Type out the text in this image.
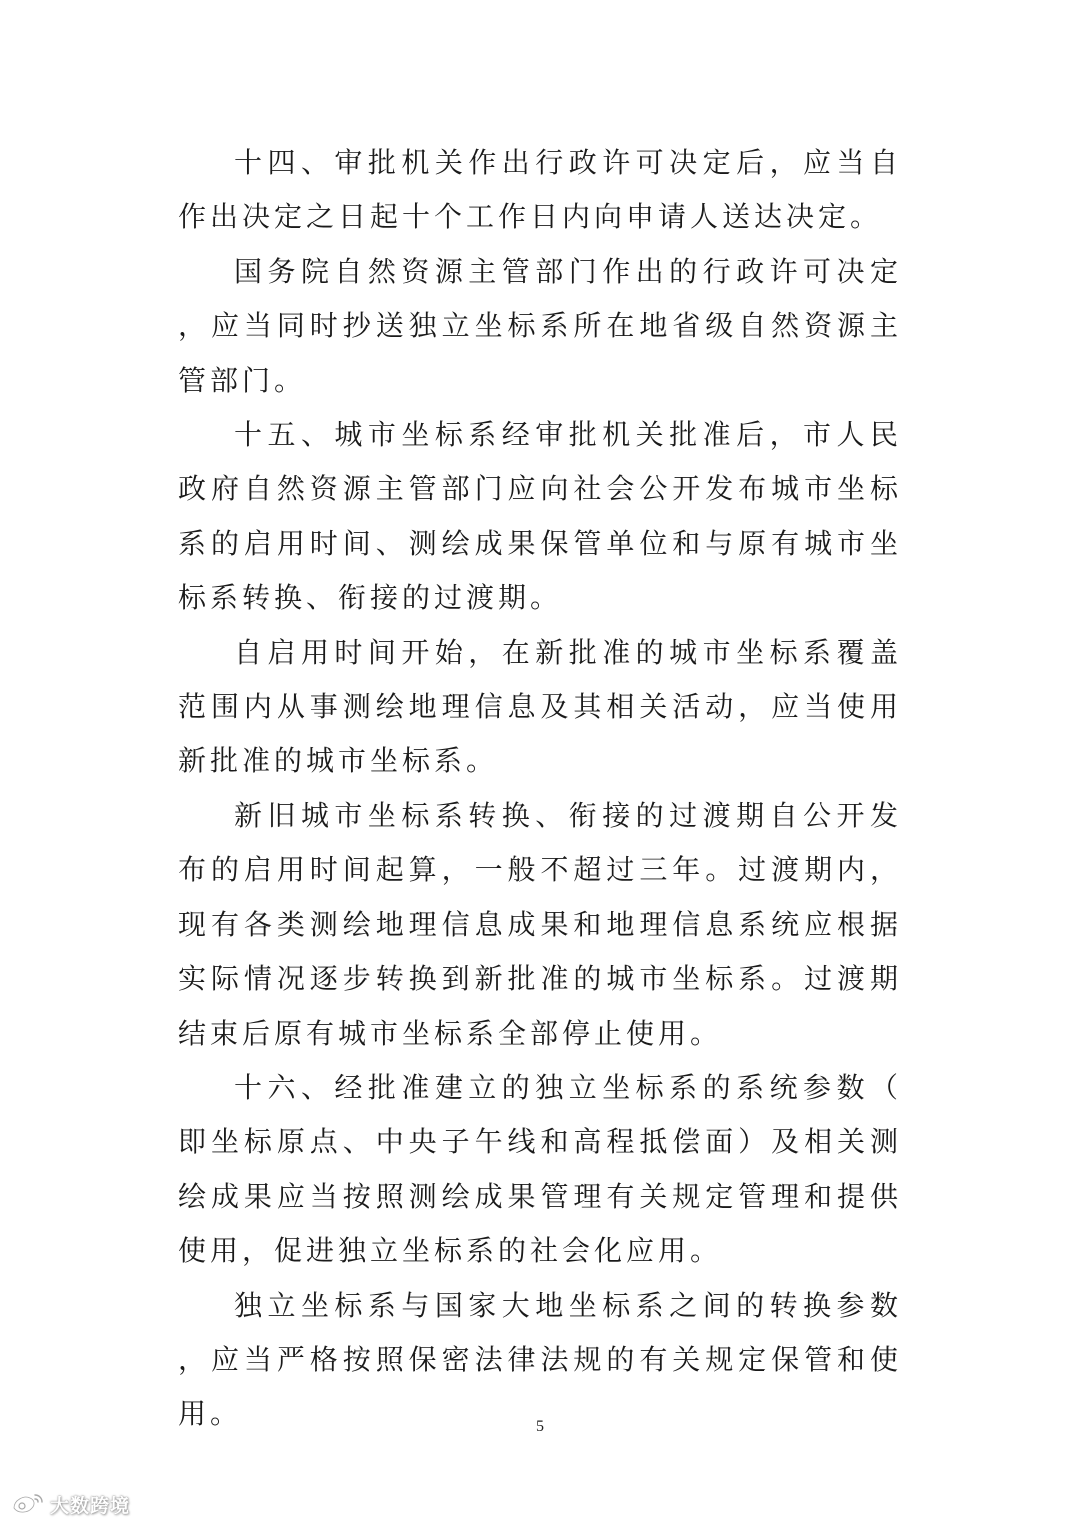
十四、审批机关作出行政许可决定后，应当自作出决定之日起十个工作日内向申请人送达决定。

国务院自然资源主管部门作出的行政许可决定，应当同时抄送独立坐标系所在地省级自然资源主管部门。

十五、城市坐标系经审批机关批准后，市人民政府自然资源主管部门应向社会公开发布城市坐标系的启用时间、测绘成果保管单位和与原有城市坐标系转换、衔接的过渡期。

自启用时间开始，在新批准的城市坐标系覆盖范围内从事测绘地理信息及其相关活动，应当使用新批准的城市坐标系。

新旧城市坐标系转换、衔接的过渡期自公开发布的启用时间起算，一般不超过三年。过渡期内，现有各类测绘地理信息成果和地理信息系统应根据实际情况逐步转换到新批准的城市坐标系。过渡期结束后原有城市坐标系全部停止使用。

十六、经批准建立的独立坐标系的系统参数（即坐标原点、中央子午线和高程抵偿面）及相关测绘成果应当按照测绘成果管理有关规定管理和提供使用，促进独立坐标系的社会化应用。

独立坐标系与国家大地坐标系之间的转换参数，应当严格按照保密法律法规的有关规定保管和使用。	5
大数跨境
